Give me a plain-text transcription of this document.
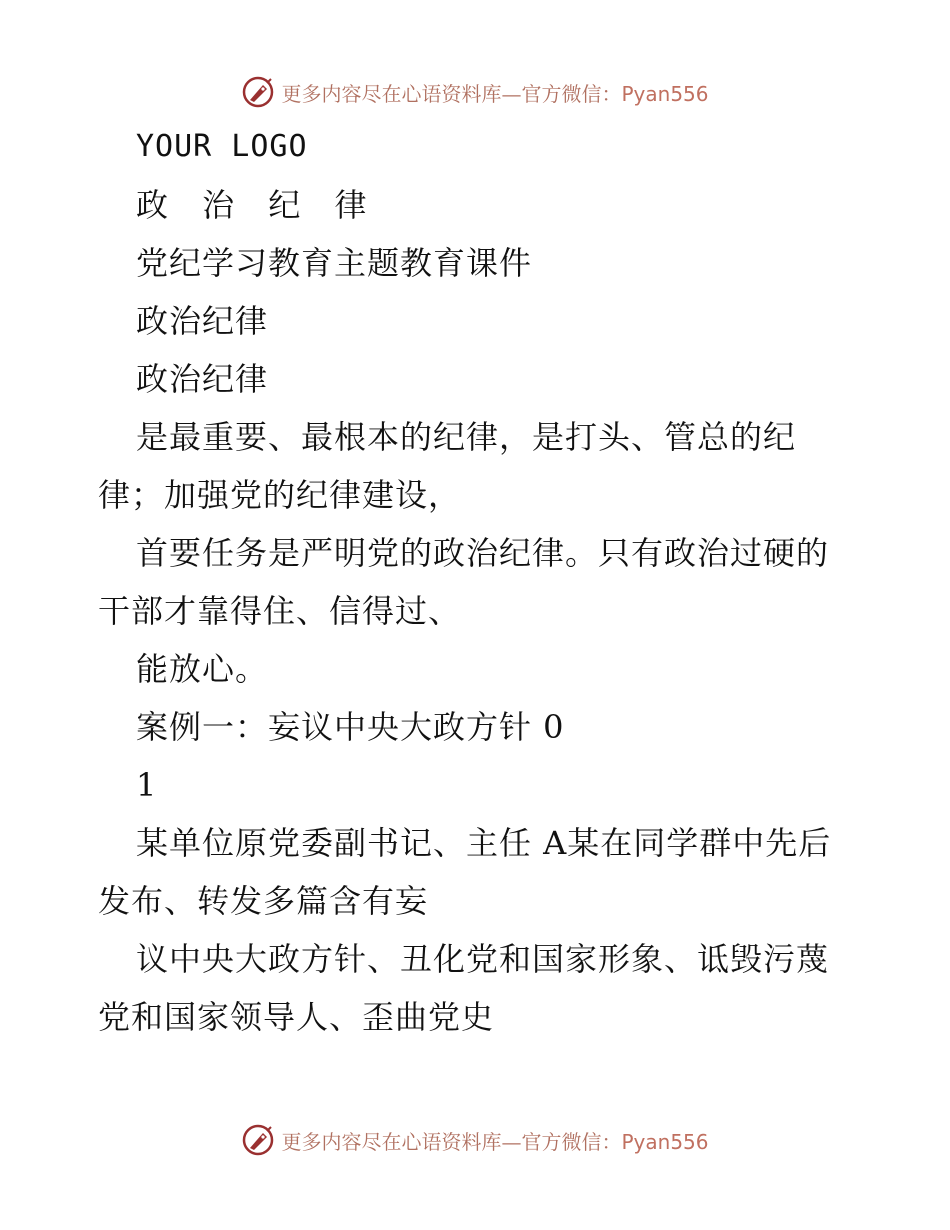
更多内容尽在心语资料库—官方微信：Pyan556

YOUR LOGO

政 治 纪 律

党纪学习教育主题教育课件

政治纪律

政治纪律

是最重要、最根本的纪律，是打头、管总的纪律；加强党的纪律建设，

首要任务是严明党的政治纪律。只有政治过硬的干部才靠得住、信得过、

能放心。

案例一：妄议中央大政方针 0

1

某单位原党委副书记、主任 A某在同学群中先后发布、转发多篇含有妄

议中央大政方针、丑化党和国家形象、诋毁污蔑党和国家领导人、歪曲党史

更多内容尽在心语资料库—官方微信：Pyan556
